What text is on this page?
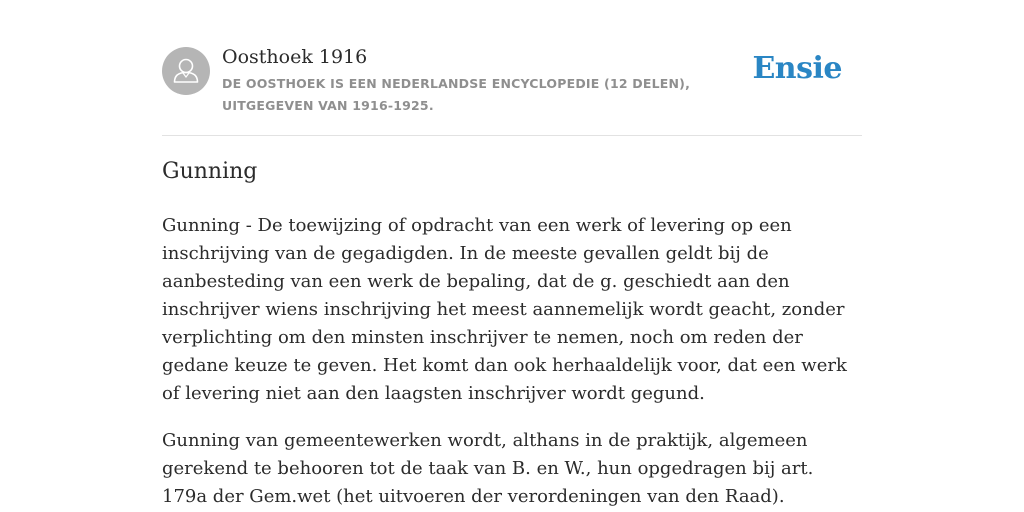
Oosthoek 1916
DE OOSTHOEK IS EEN NEDERLANDSE ENCYCLOPEDIE (12 DELEN), UITGEGEVEN VAN 1916-1925.
Ensie
Gunning

Gunning - De toewijzing of opdracht van een werk of levering op een inschrijving van de gegadigden. In de meeste gevallen geldt bij de aanbesteding van een werk de bepaling, dat de g. geschiedt aan den inschrijver wiens inschrijving het meest aannemelijk wordt geacht, zonder verplichting om den minsten inschrijver te nemen, noch om reden der gedane keuze te geven. Het komt dan ook herhaaldelijk voor, dat een werk of levering niet aan den laagsten inschrijver wordt gegund.

Gunning van gemeentewerken wordt, althans in de praktijk, algemeen gerekend te behooren tot de taak van B. en W., hun opgedragen bij art. 179a der Gem.wet (het uitvoeren der verordeningen van den Raad).
